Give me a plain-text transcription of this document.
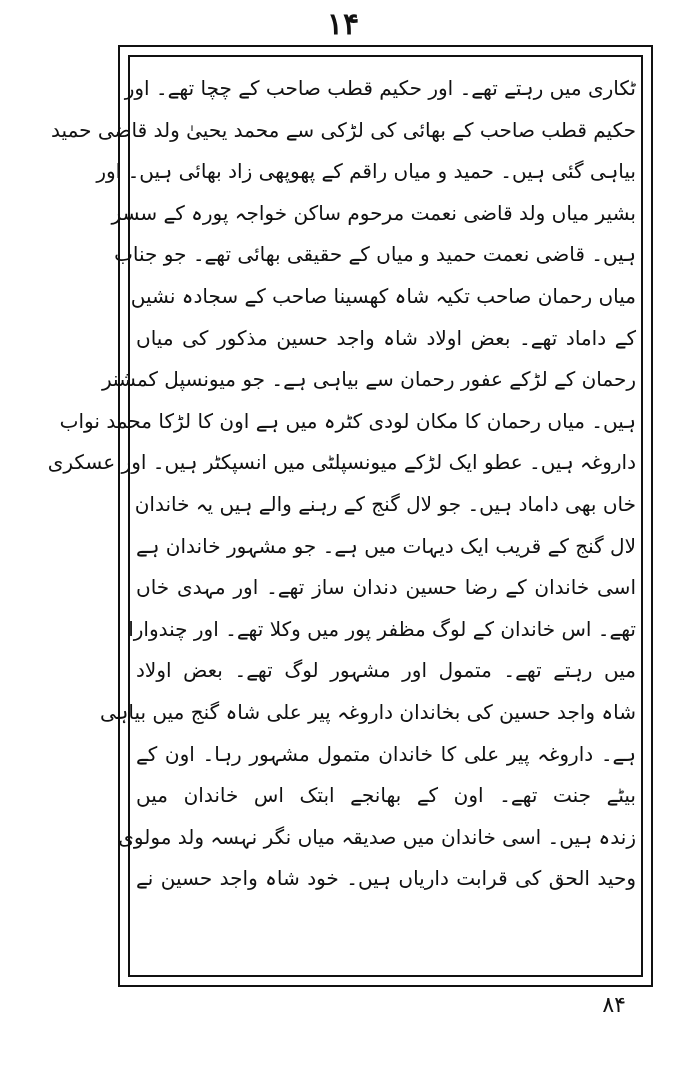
۱۴
ٹکاری میں رہتے تھے۔ اور حکیم قطب صاحب کے چچا تھے۔ اور
حکیم قطب صاحب کے بھائی کی لڑکی سے محمد یحییٰ ولد قاضی حمید
بیاہی گئی ہیں۔ حمید و میاں راقم کے پھوپھی زاد بھائی ہیں۔ اور
بشیر میاں ولد قاضی نعمت مرحوم ساکن خواجہ پورہ کے سسر
ہیں۔ قاضی نعمت حمید و میاں کے حقیقی بھائی تھے۔ جو جناب
میاں رحمان صاحب تکیہ شاہ کھسینا صاحب کے سجادہ نشیں
کے داماد تھے۔ بعض اولاد شاہ واجد حسین مذکور کی میاں
رحمان کے لڑکے عفور رحمان سے بیاہی ہے۔ جو میونسپل کمشنر
ہیں۔ میاں رحمان کا مکان لودی کٹرہ میں ہے اون کا لڑکا محمد نواب
داروغہ ہیں۔ عطو ایک لڑکے میونسپلٹی میں انسپکٹر ہیں۔ اور عسکری
خاں بھی داماد ہیں۔ جو لال گنج کے رہنے والے ہیں یہ خاندان
لال گنج کے قریب ایک دیہات میں ہے۔ جو مشہور خاندان ہے
اسی خاندان کے رضا حسین دندان ساز تھے۔ اور مہدی خاں
تھے۔ اس خاندان کے لوگ مظفر پور میں وکلا تھے۔ اور چندوارا
میں رہتے تھے۔ متمول اور مشہور لوگ تھے۔ بعض اولاد
شاہ واجد حسین کی بخاندان داروغہ پیر علی شاہ گنج میں بیاہی
ہے۔ داروغہ پیر علی کا خاندان متمول مشہور رہا۔ اون کے
بیٹے جنت تھے۔ اون کے بھانجے ابتک اس خاندان میں
زندہ ہیں۔ اسی خاندان میں صدیقہ میاں نگر نہسہ ولد مولوی
وحید الحق کی قرابت داریاں ہیں۔ خود شاہ واجد حسین نے
۸۴
